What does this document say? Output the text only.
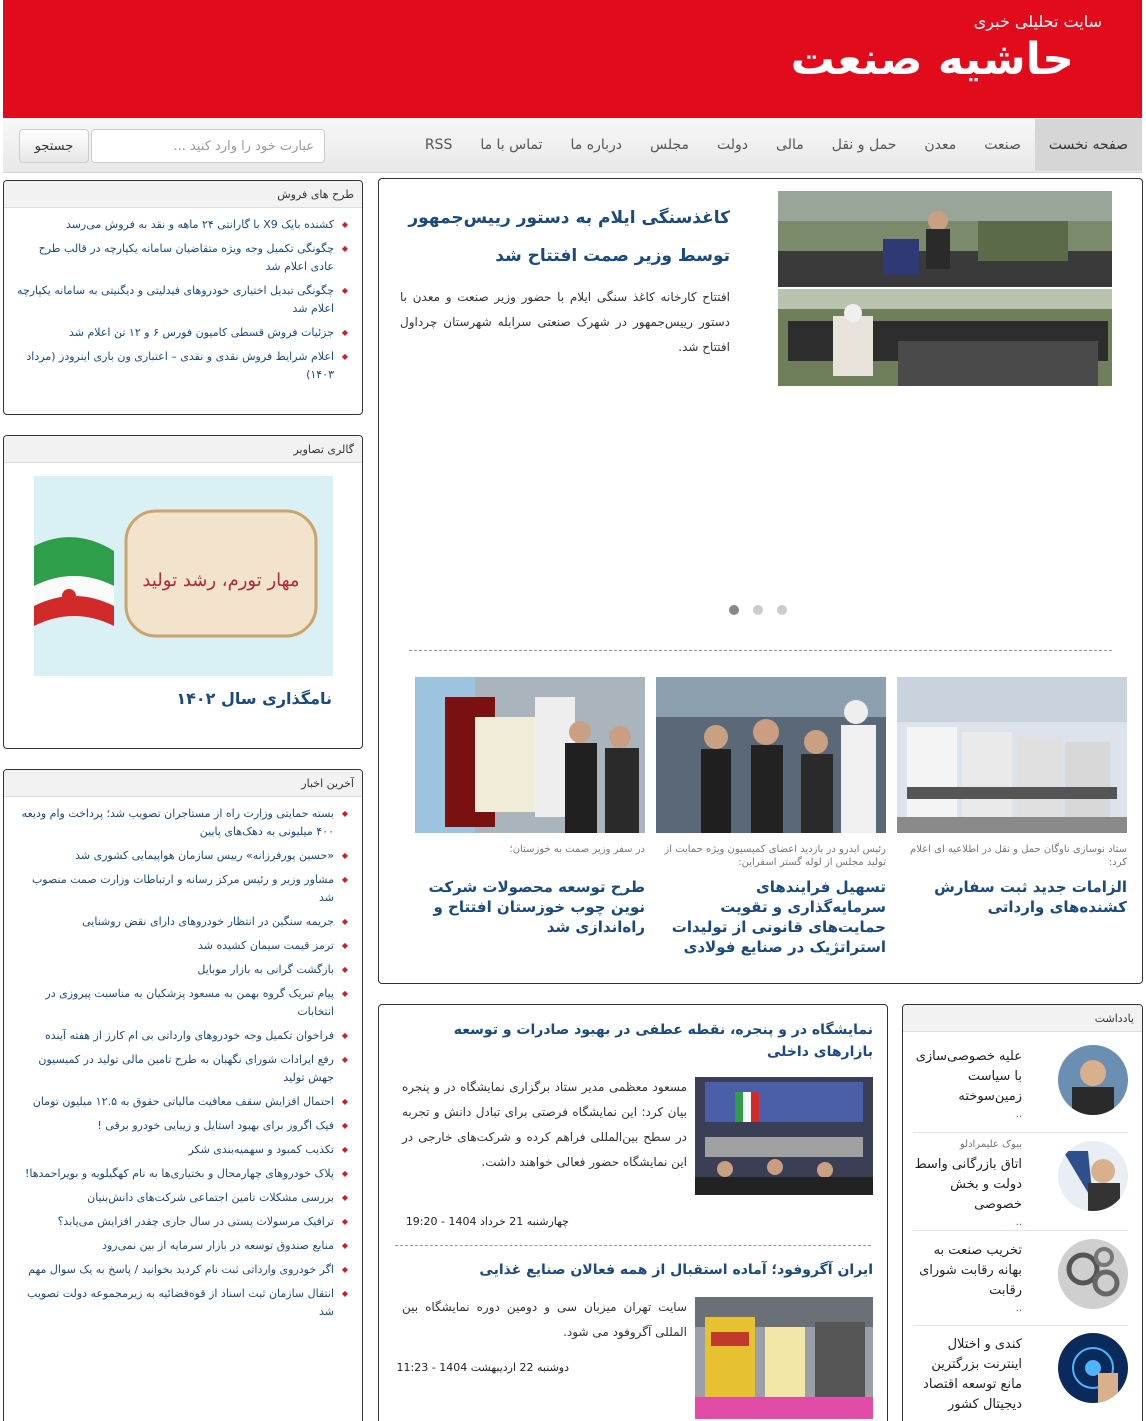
سایت تحلیلی خبری
حاشیه صنعت
صفحه نخست
صنعت
معدن
حمل و نقل
مالی
دولت
مجلس
درباره ما
تماس با ما
RSS
عبارت خود را وارد کنید ...
جستجو
کاغذسنگی ایلام به دستور رییس‌جمهور توسط وزیر صمت افتتاح شد
افتتاح کارخانه کاغذ سنگی ایلام با حضور وزیر صنعت و معدن با دستور رییس‌جمهور در شهرک صنعتی سرابله شهرستان چرداول افتتاح شد.
ستاد نوسازی ناوگان حمل و نقل در اطلاعیه ای اعلام کرد:
الزامات جدید ثبت سفارش کشنده‌های وارداتی
رئیس ایدرو در بازدید اعضای کمیسیون ویژه حمایت از تولید مجلس از لوله گستر اسفراین:
تسهیل فرایندهای سرمایه‌گذاری و تقویت حمایت‌های قانونی از تولیدات استراتژیک در صنایع فولادی
در سفر وزیر صمت به خوزستان؛
طرح توسعه محصولات شرکت نوین چوب خوزستان افتتاح و راه‌اندازی شد
طرح های فروش
◆ کشنده بایک X9 با گارانتی ۲۴ ماهه و نقد به فروش می‌رسد
◆ چگونگی تکمیل وجه ویژه متقاضیان سامانه یکپارچه در قالب طرح عادی اعلام شد
◆ چگونگی تبدیل اختیاری خودروهای فیدلیتی و دیگنیتی به سامانه یکپارچه اعلام شد
◆ جزئیات فروش قسطی کامیون فورس ۶ و ۱۲ تن اعلام شد
◆ اعلام شرایط فروش نقدی و نقدی – اعتباری ون باری اینرودز (مرداد ۱۴۰۳)
گالری تصاویر
مهار تورم، رشد تولید
نامگذاری سال ۱۴۰۲
آخرین اخبار
◆ بسته حمایتی وزارت راه از مستاجران تصویب شد؛ پرداخت وام ودیعه ۴۰۰ میلیونی به دهک‌های پایین
◆ «حسین پورفرزانه» رییس سازمان هواپیمایی کشوری شد
◆ مشاور وزیر و رئیس مرکز رسانه و ارتباطات وزارت صمت منصوب شد
◆ جریمه سنگین در انتظار خودروهای دارای نقض روشنایی
◆ ترمز قیمت سیمان کشیده شد
◆ بازگشت گرانی به بازار موبایل
◆ پیام تبریک گروه بهمن به مسعود پزشکیان به مناسبت پیروزی در انتخابات
◆ فراخوان تکمیل وجه خودروهای وارداتی بی ام کارز از هفته آینده
◆ رفع ایرادات شورای نگهبان به طرح تامین مالی تولید در کمیسیون جهش تولید
◆ احتمال افزایش سقف معافیت مالیاتی حقوق به ۱۲.۵ میلیون تومان
◆ فیک اگروز برای بهبود استایل و زیبایی خودرو برقی !
◆ تکذیب کمبود و سهمیه‌بندی شکر
◆ پلاک خودروهای چهارمحال و بختیاری‌ها به نام کهگیلویه و بویراحمدها!
◆ بررسی مشکلات تامین اجتماعی شرکت‌های دانش‌بنیان
◆ ترافیک مرسولات پستی در سال جاری چقدر افزایش می‌یابد؟
◆ منابع صندوق توسعه در بازار سرمایه از بین نمی‌رود
◆ اگر خودروی وارداتی ثبت نام کردید بخوانید / پاسخ به یک سوال مهم
◆ انتقال سازمان ثبت اسناد از قوه‌قضائیه به زیرمجموعه دولت تصویب شد
نمایشگاه در و پنجره، نقطه عطفی در بهبود صادرات و توسعه بازارهای داخلی
مسعود معظمی مدیر ستاد برگزاری نمایشگاه در و پنجره بیان کرد: این نمایشگاه فرصتی برای تبادل دانش و تجربه در سطح بین‌المللی فراهم کرده و شرکت‌های خارجی در این نمایشگاه حضور فعالی خواهند داشت.
چهارشنبه 21 خرداد 1404 - 19:20
ایران آگروفود؛ آماده استقبال از همه فعالان صنایع غذایی
سایت تهران میزبان سی و دومین دوره نمایشگاه بین المللی آگروفود می شود.
دوشنبه 22 اردیبهشت 1404 - 11:23
یادداشت
علیه خصوصی‌سازی با سیاست زمین‌سوخته
..
بیوک علیمرادلو
اتاق بازرگانی واسط دولت و بخش خصوصی
..
تخریب صنعت به بهانه رقابت شورای رقابت
..
کندی و اختلال اینترنت بزرگترین مانع توسعه اقتصاد دیجیتال کشور
